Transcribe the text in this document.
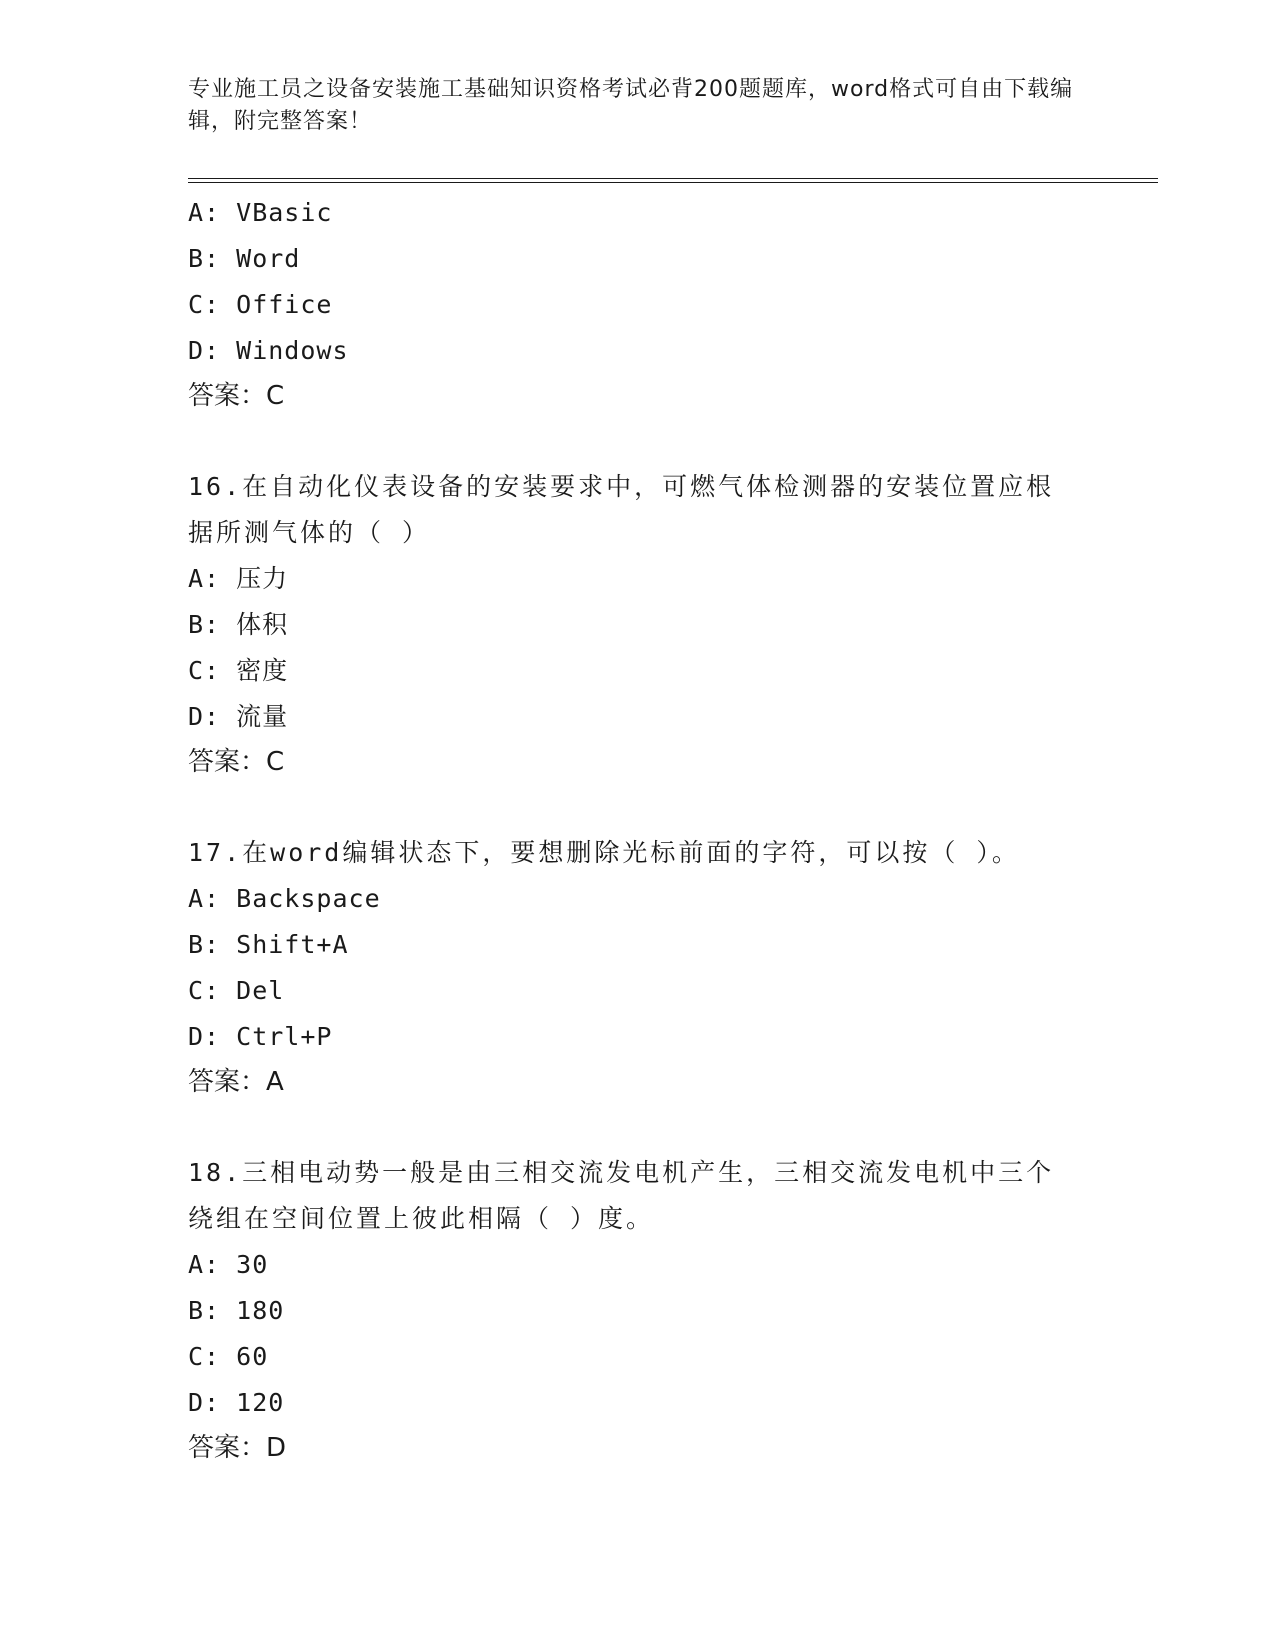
专业施工员之设备安装施工基础知识资格考试必背200题题库，word格式可自由下载编辑，附完整答案！
A: VBasic
B: Word
C: Office
D: Windows
答案：C
16.在自动化仪表设备的安装要求中，可燃气体检测器的安装位置应根据所测气体的（ ）
A: 压力
B: 体积
C: 密度
D: 流量
答案：C
17.在word编辑状态下，要想删除光标前面的字符，可以按（ ）。
A: Backspace
B: Shift+A
C: Del
D: Ctrl+P
答案：A
18.三相电动势一般是由三相交流发电机产生，三相交流发电机中三个绕组在空间位置上彼此相隔（ ）度。
A: 30
B: 180
C: 60
D: 120
答案：D
